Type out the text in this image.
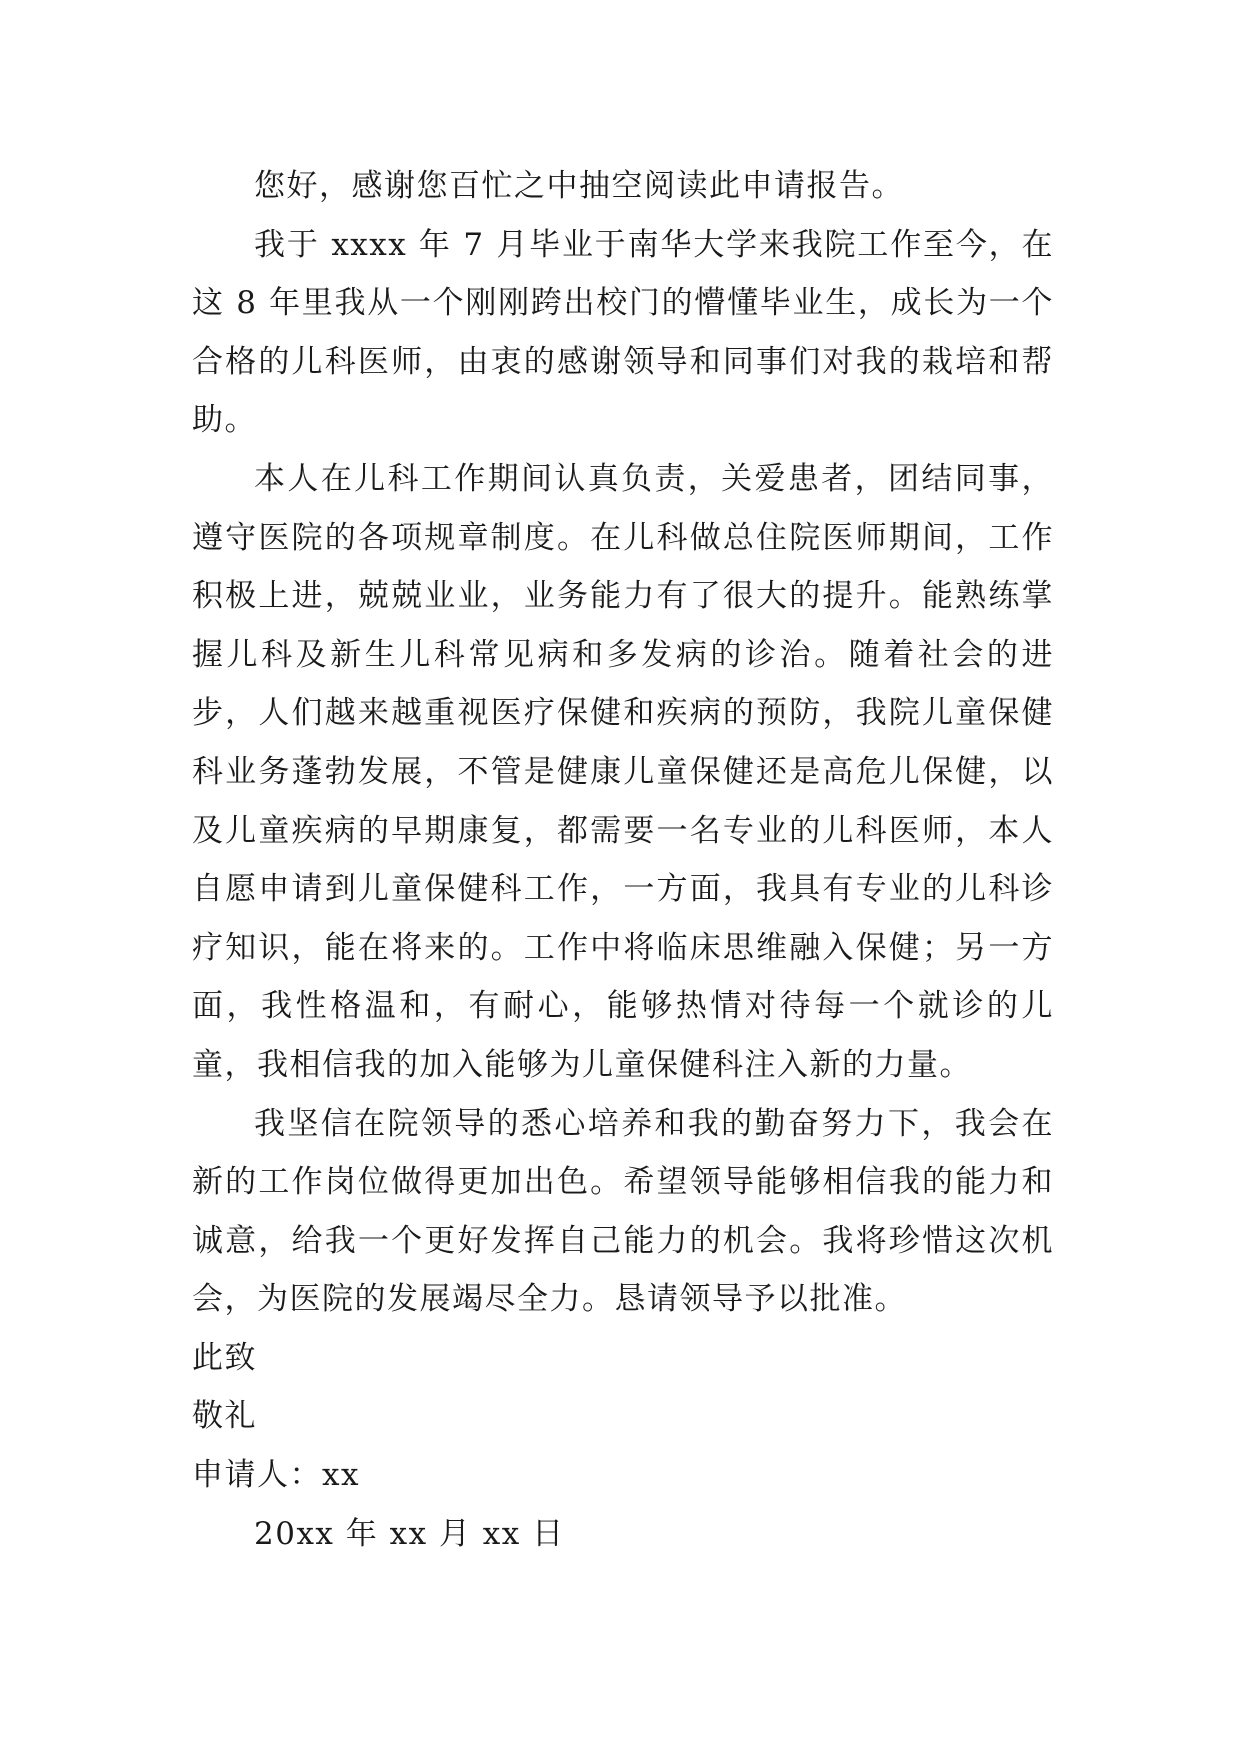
您好，感谢您百忙之中抽空阅读此申请报告。

我于 xxxx 年 7 月毕业于南华大学来我院工作至今，在这 8 年里我从一个刚刚跨出校门的懵懂毕业生，成长为一个合格的儿科医师，由衷的感谢领导和同事们对我的栽培和帮助。

本人在儿科工作期间认真负责，关爱患者，团结同事，遵守医院的各项规章制度。在儿科做总住院医师期间，工作积极上进，兢兢业业，业务能力有了很大的提升。能熟练掌握儿科及新生儿科常见病和多发病的诊治。随着社会的进步，人们越来越重视医疗保健和疾病的预防，我院儿童保健科业务蓬勃发展，不管是健康儿童保健还是高危儿保健，以及儿童疾病的早期康复，都需要一名专业的儿科医师，本人自愿申请到儿童保健科工作，一方面，我具有专业的儿科诊疗知识，能在将来的。工作中将临床思维融入保健；另一方面，我性格温和，有耐心，能够热情对待每一个就诊的儿童，我相信我的加入能够为儿童保健科注入新的力量。

我坚信在院领导的悉心培养和我的勤奋努力下，我会在新的工作岗位做得更加出色。希望领导能够相信我的能力和诚意，给我一个更好发挥自己能力的机会。我将珍惜这次机会，为医院的发展竭尽全力。恳请领导予以批准。

此致

敬礼

申请人：xx

20xx 年 xx 月 xx 日
